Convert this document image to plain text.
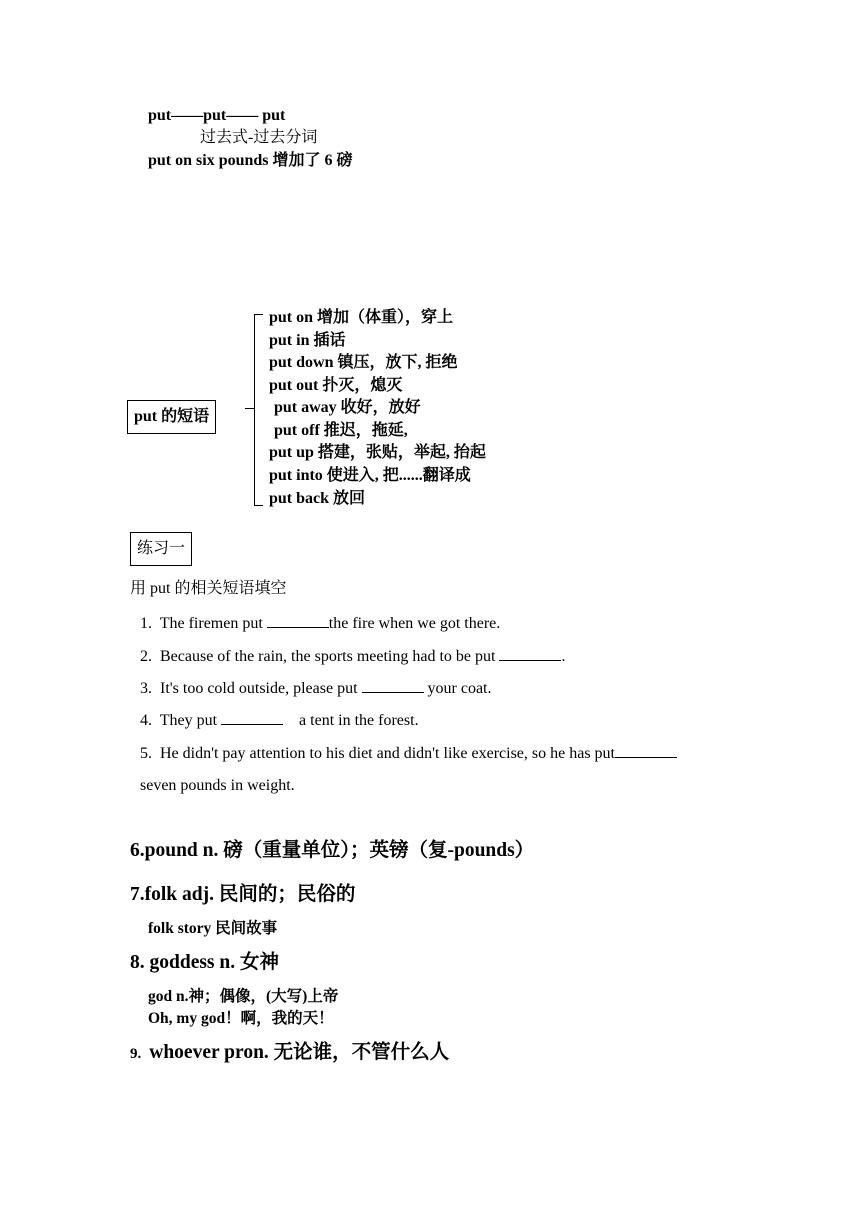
put——put—— put
过去式-过去分词
put on six pounds 增加了 6 磅
put 的短语
put on 增加（体重），穿上
put in 插话
put down 镇压，放下, 拒绝
put out 扑灭，熄灭
put away 收好，放好
put off 推迟，拖延,
put up 搭建，张贴，举起, 抬起
put into 使进入, 把......翻译成
put back 放回
练习一
用 put 的相关短语填空
1. The firemen put	the fire when we got there.
2. Because of the rain, the sports meeting had to be put	.
3. It's too cold outside, please put	your coat.
4. They put	a tent in the forest.
5. He didn't pay attention to his diet and didn't like exercise, so he has put
seven pounds in weight.
6.pound n. 磅（重量单位）；英镑（复-pounds）
7.folk adj. 民间的；民俗的
folk story 民间故事
8. goddess n. 女神
god n.神；偶像，(大写)上帝
Oh, my god！啊，我的天！
9. whoever pron. 无论谁，不管什么人
